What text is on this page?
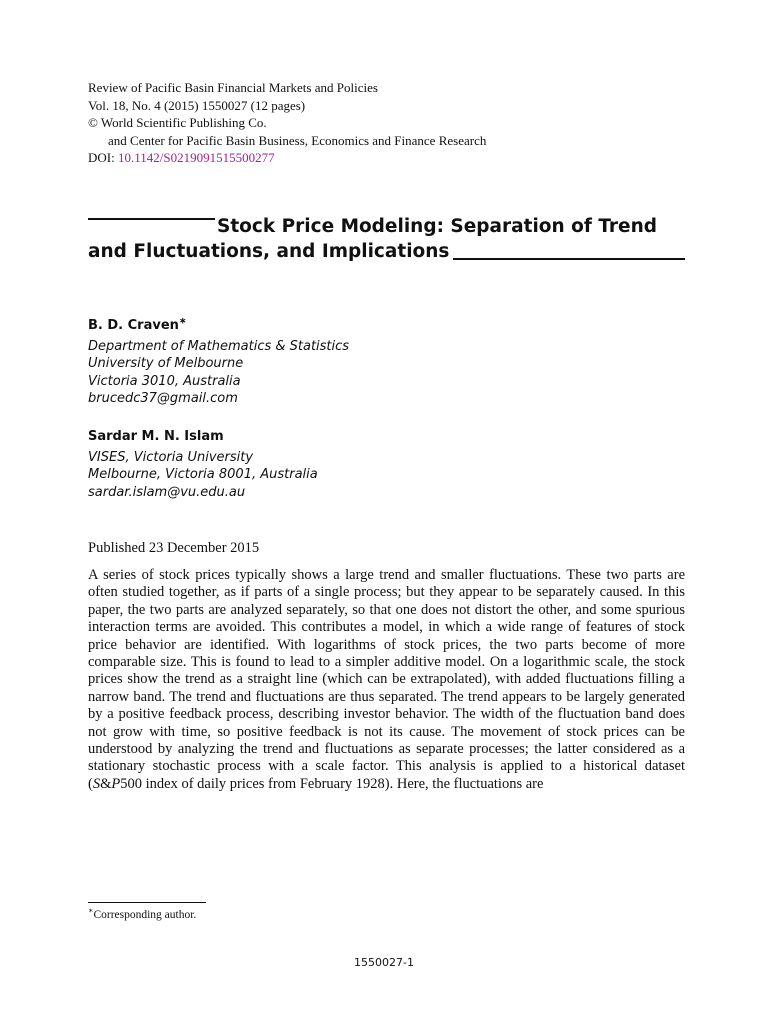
Review of Pacific Basin Financial Markets and Policies
Vol. 18, No. 4 (2015) 1550027 (12 pages)
© World Scientific Publishing Co.
and Center for Pacific Basin Business, Economics and Finance Research
DOI: 10.1142/S0219091515500277
Stock Price Modeling: Separation of Trend
and Fluctuations, and Implications
B. D. Craven∗
Department of Mathematics & Statistics
University of Melbourne
Victoria 3010, Australia
brucedc37@gmail.com
Sardar M. N. Islam
VISES, Victoria University
Melbourne, Victoria 8001, Australia
sardar.islam@vu.edu.au
Published 23 December 2015
A series of stock prices typically shows a large trend and smaller fluctuations. These two parts are often studied together, as if parts of a single process; but they appear to be separately caused. In this paper, the two parts are analyzed separately, so that one does not distort the other, and some spurious interaction terms are avoided. This contributes a model, in which a wide range of features of stock price behavior are identified. With logarithms of stock prices, the two parts become of more comparable size. This is found to lead to a simpler additive model. On a logarithmic scale, the stock prices show the trend as a straight line (which can be extrapolated), with added fluctuations filling a narrow band. The trend and fluctuations are thus separated. The trend appears to be largely generated by a positive feedback process, describing investor behavior. The width of the fluctuation band does not grow with time, so positive feedback is not its cause. The movement of stock prices can be understood by analyzing the trend and fluctuations as separate processes; the latter considered as a stationary stochastic process with a scale factor. This analysis is applied to a historical dataset (S&P500 index of daily prices from February 1928). Here, the fluctuations are
∗Corresponding author.
1550027-1
